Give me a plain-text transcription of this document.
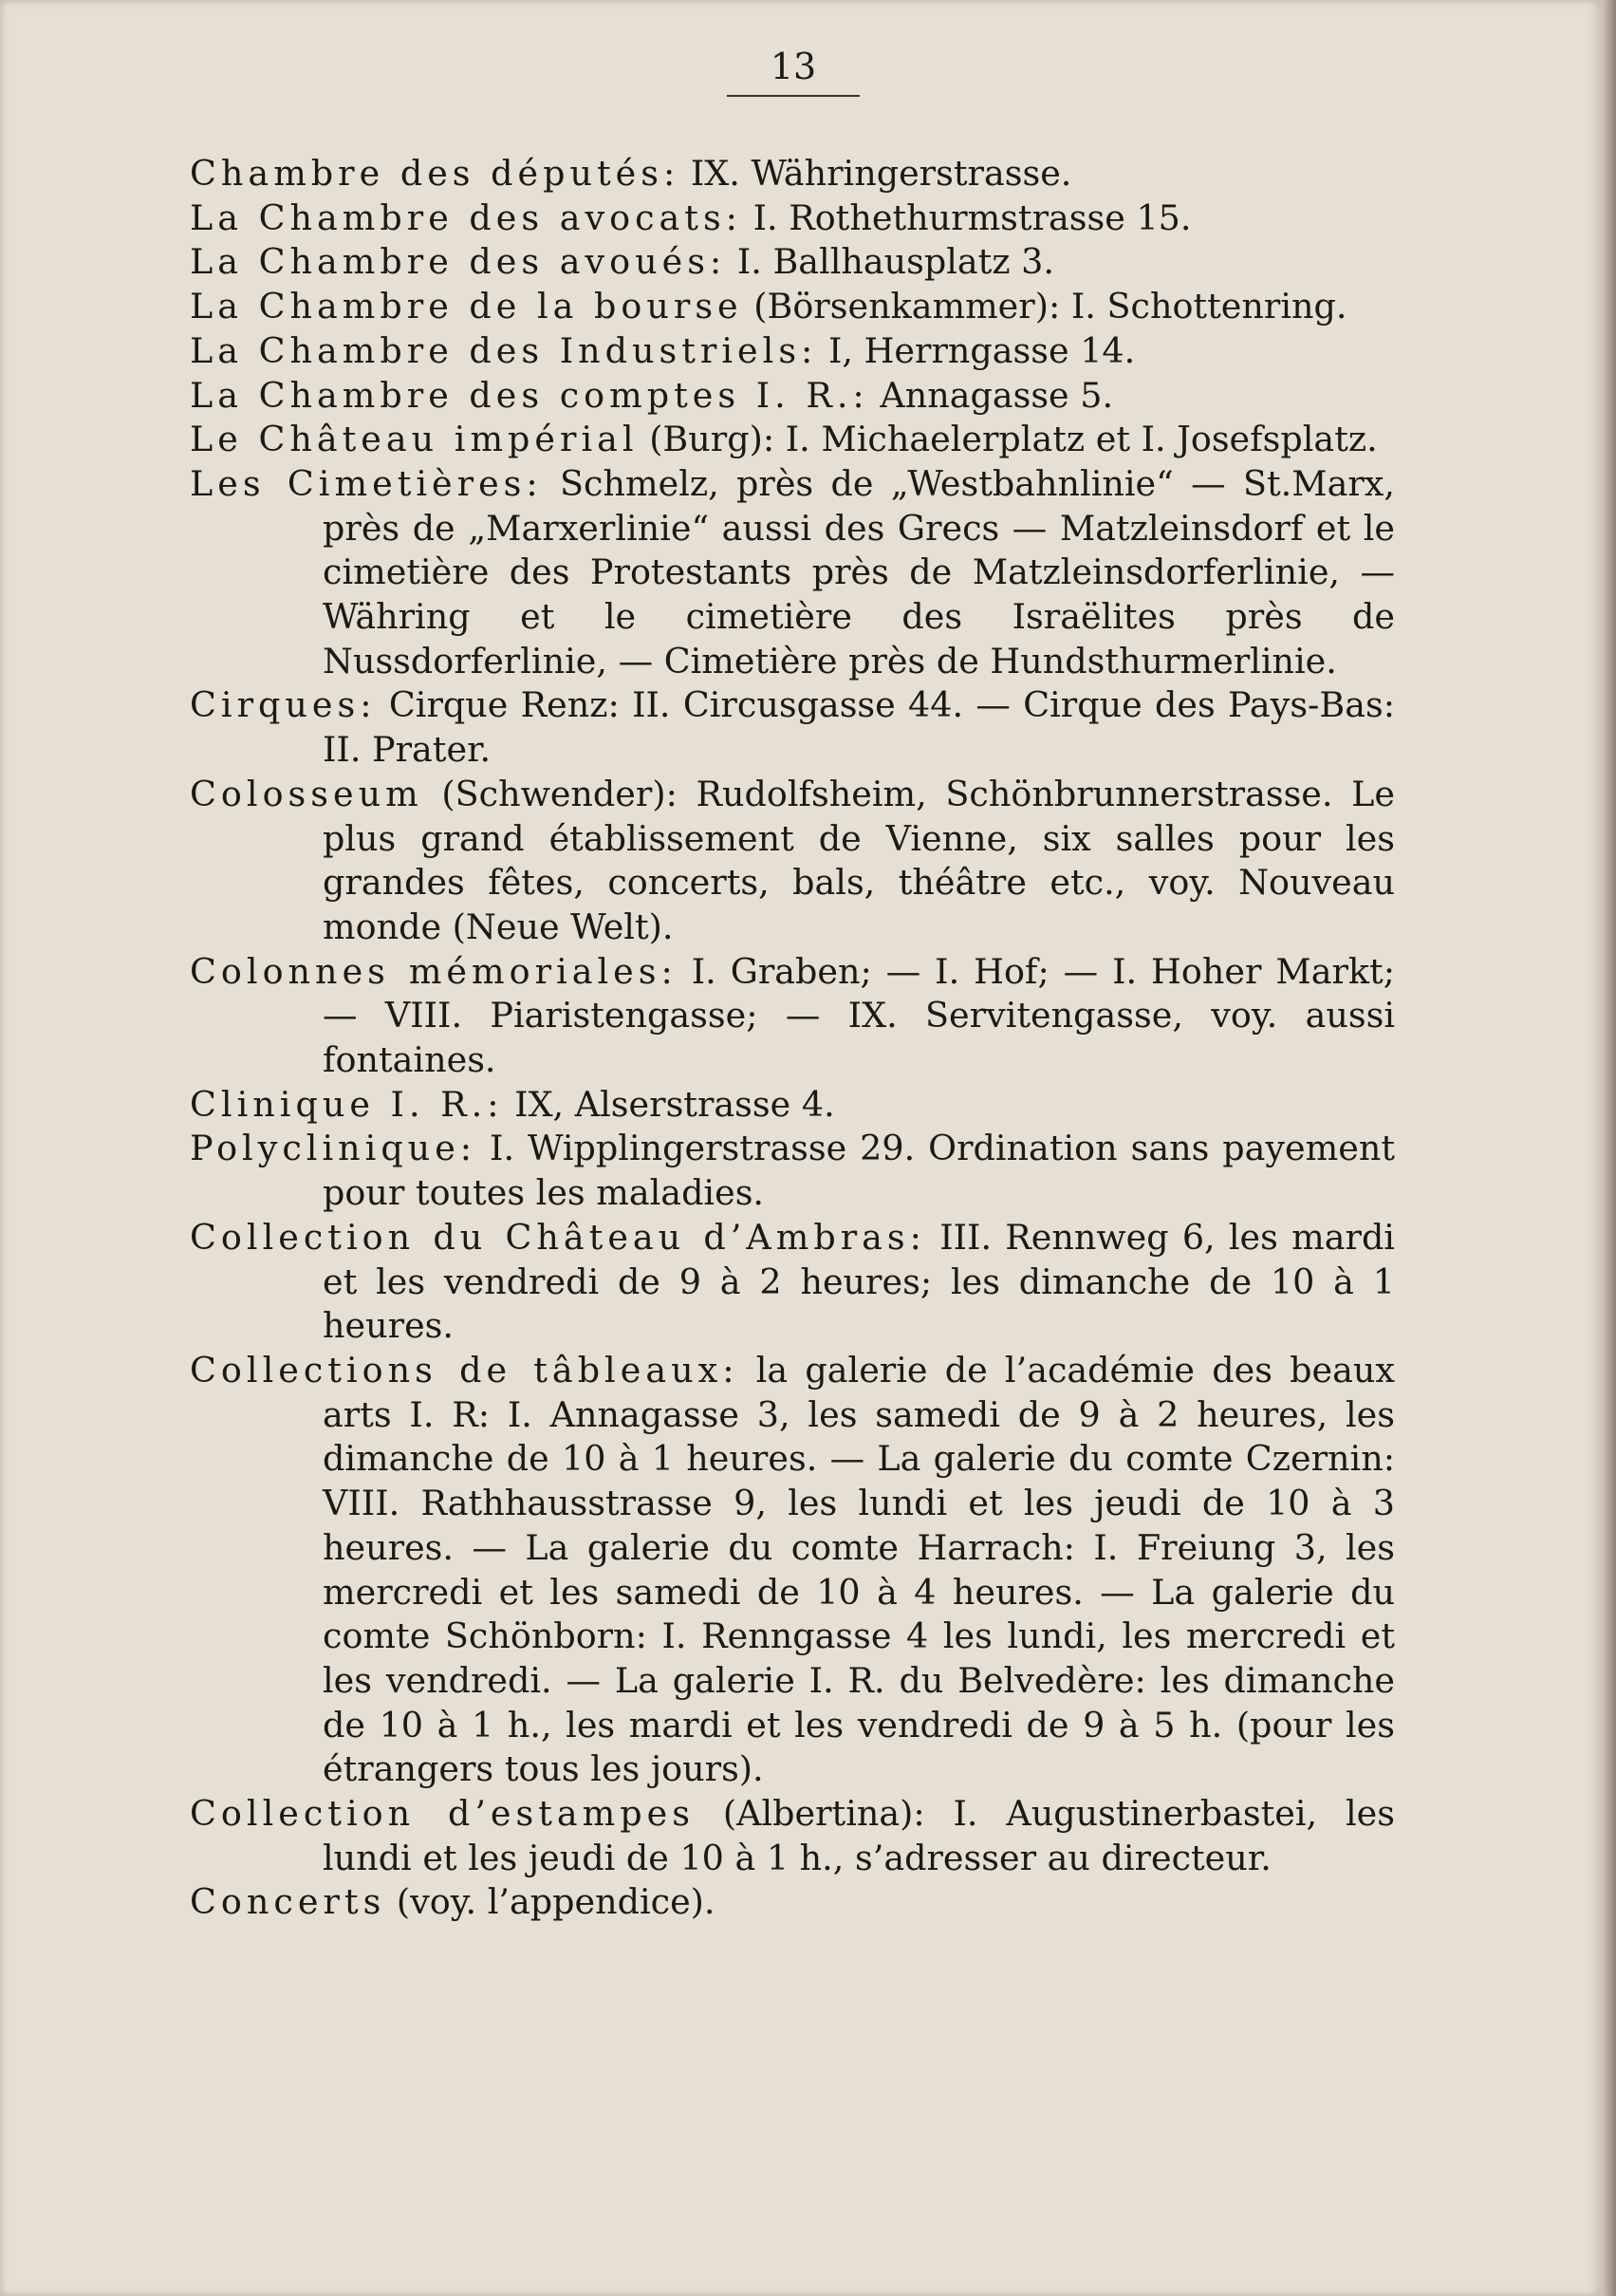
13
Chambre des députés: IX. Währingerstrasse.
La Chambre des avocats: I. Rothethurmstrasse 15.
La Chambre des avoués: I. Ballhausplatz 3.
La Chambre de la bourse (Börsenkammer): I. Schottenring.
La Chambre des Industriels: I, Herrngasse 14.
La Chambre des comptes I. R.: Annagasse 5.
Le Château impérial (Burg): I. Michaelerplatz et I. Josefsplatz.
Les Cimetières: Schmelz, près de „Westbahnlinie“ — St.Marx, près de „Marxerlinie“ aussi des Grecs — Matzleinsdorf et le cimetière des Protestants près de Matzleinsdorferlinie, — Währing et le cimetière des Israëlites près de Nussdorferlinie, — Cimetière près de Hundsthurmerlinie.
Cirques: Cirque Renz: II. Circusgasse 44. — Cirque des Pays-Bas: II. Prater.
Colosseum (Schwender): Rudolfsheim, Schönbrunnerstrasse. Le plus grand établissement de Vienne, six salles pour les grandes fêtes, concerts, bals, théâtre etc., voy. Nouveau monde (Neue Welt).
Colonnes mémoriales: I. Graben; — I. Hof; — I. Hoher Markt; — VIII. Piaristengasse; — IX. Servitengasse, voy. aussi fontaines.
Clinique I. R.: IX, Alserstrasse 4.
Polyclinique: I. Wipplingerstrasse 29. Ordination sans payement pour toutes les maladies.
Collection du Château d’Ambras: III. Rennweg 6, les mardi et les vendredi de 9 à 2 heures; les dimanche de 10 à 1 heures.
Collections de tâbleaux: la galerie de l’académie des beaux arts I. R: I. Annagasse 3, les samedi de 9 à 2 heures, les dimanche de 10 à 1 heures. — La galerie du comte Czernin: VIII. Rathhausstrasse 9, les lundi et les jeudi de 10 à 3 heures. — La galerie du comte Harrach: I. Freiung 3, les mercredi et les samedi de 10 à 4 heures. — La galerie du comte Schönborn: I. Renngasse 4 les lundi, les mercredi et les vendredi. — La galerie I. R. du Belvedère: les dimanche de 10 à 1 h., les mardi et les vendredi de 9 à 5 h. (pour les étrangers tous les jours).
Collection d’estampes (Albertina): I. Augustinerbastei, les lundi et les jeudi de 10 à 1 h., s’adresser au directeur.
Concerts (voy. l’appendice).
